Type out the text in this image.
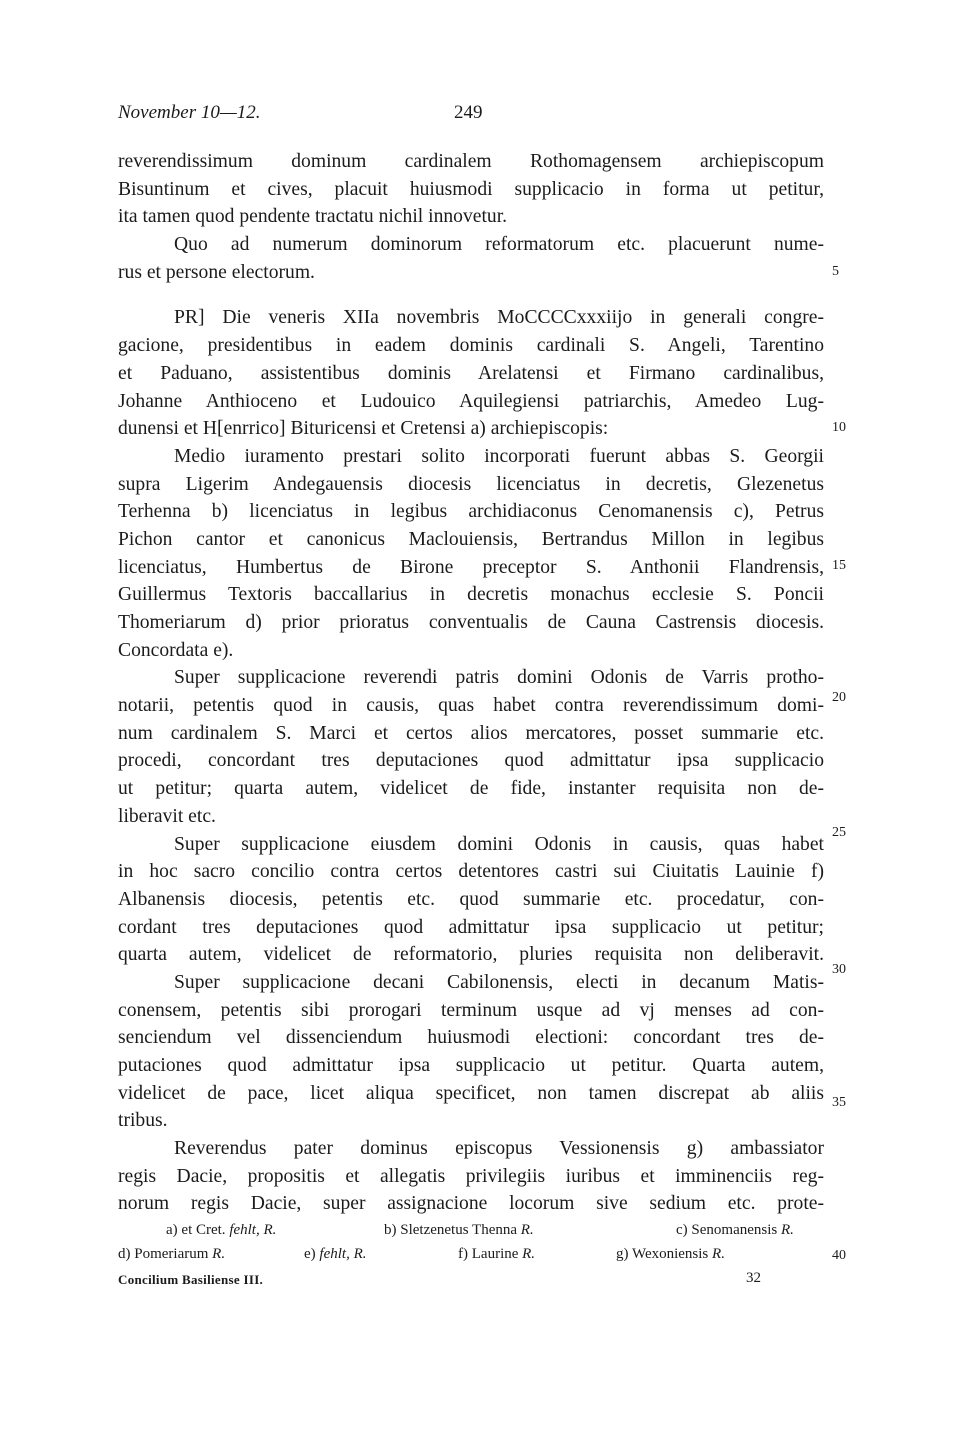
November 10—12.	249
reverendissimum dominum cardinalem Rothomagensem archiepiscopum
Bisuntinum et cives, placuit huiusmodi supplicacio in forma ut petitur,
ita tamen quod pendente tractatu nichil innovetur.
Quo ad numerum dominorum reformatorum etc. placuerunt nume-
rus et persone electorum.
PR] Die veneris XIIa novembris MoCCCCxxxiijo in generali congre-
gacione, presidentibus in eadem dominis cardinali S. Angeli, Tarentino
et Paduano, assistentibus dominis Arelatensi et Firmano cardinalibus,
Johanne Anthioceno et Ludouico Aquilegiensi patriarchis, Amedeo Lug-
dunensi et H[enrrico] Bituricensi et Cretensi a) archiepiscopis:
Medio iuramento prestari solito incorporati fuerunt abbas S. Georgii
supra Ligerim Andegauensis diocesis licenciatus in decretis, Glezenetus
Terhenna b) licenciatus in legibus archidiaconus Cenomanensis c), Petrus
Pichon cantor et canonicus Maclouiensis, Bertrandus Millon in legibus
licenciatus, Humbertus de Birone preceptor S. Anthonii Flandrensis,
Guillermus Textoris baccallarius in decretis monachus ecclesie S. Poncii
Thomeriarum d) prior prioratus conventualis de Cauna Castrensis diocesis.
Concordata e).
Super supplicacione reverendi patris domini Odonis de Varris protho-
notarii, petentis quod in causis, quas habet contra reverendissimum domi-
num cardinalem S. Marci et certos alios mercatores, posset summarie etc.
procedi, concordant tres deputaciones quod admittatur ipsa supplicacio
ut petitur; quarta autem, videlicet de fide, instanter requisita non de-
liberavit etc.
Super supplicacione eiusdem domini Odonis in causis, quas habet
in hoc sacro concilio contra certos detentores castri sui Ciuitatis Lauinie f)
Albanensis diocesis, petentis etc. quod summarie etc. procedatur, con-
cordant tres deputaciones quod admittatur ipsa supplicacio ut petitur;
quarta autem, videlicet de reformatorio, pluries requisita non deliberavit.
Super supplicacione decani Cabilonensis, electi in decanum Matis-
conensem, petentis sibi prorogari terminum usque ad vj menses ad con-
senciendum vel dissenciendum huiusmodi electioni: concordant tres de-
putaciones quod admittatur ipsa supplicacio ut petitur. Quarta autem,
videlicet de pace, licet aliqua specificet, non tamen discrepat ab aliis
tribus.
Reverendus pater dominus episcopus Vessionensis g) ambassiator
regis Dacie, propositis et allegatis privilegiis iuribus et imminenciis reg-
norum regis Dacie, super assignacione locorum sive sedium etc. prote-
5
10
15
20
25
30
35
40
a) et Cret. fehlt, R.	b) Sletzenetus Thenna R.	c) Senomanensis R.
d) Pomeriarum R.	e) fehlt, R.	f) Laurine R.	g) Wexoniensis R.
Concilium Basiliense III.	32
